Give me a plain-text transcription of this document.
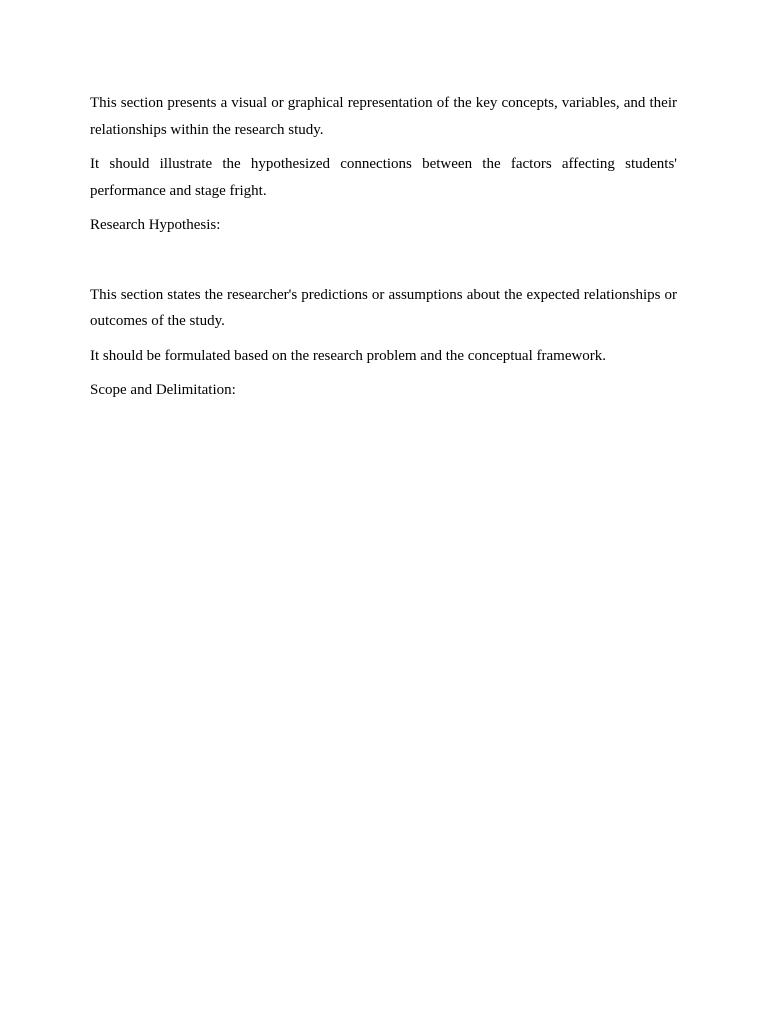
This section presents a visual or graphical representation of the key concepts, variables, and their relationships within the research study.

It should illustrate the hypothesized connections between the factors affecting students' performance and stage fright.

Research Hypothesis:

This section states the researcher's predictions or assumptions about the expected relationships or outcomes of the study.

It should be formulated based on the research problem and the conceptual framework.

Scope and Delimitation:
